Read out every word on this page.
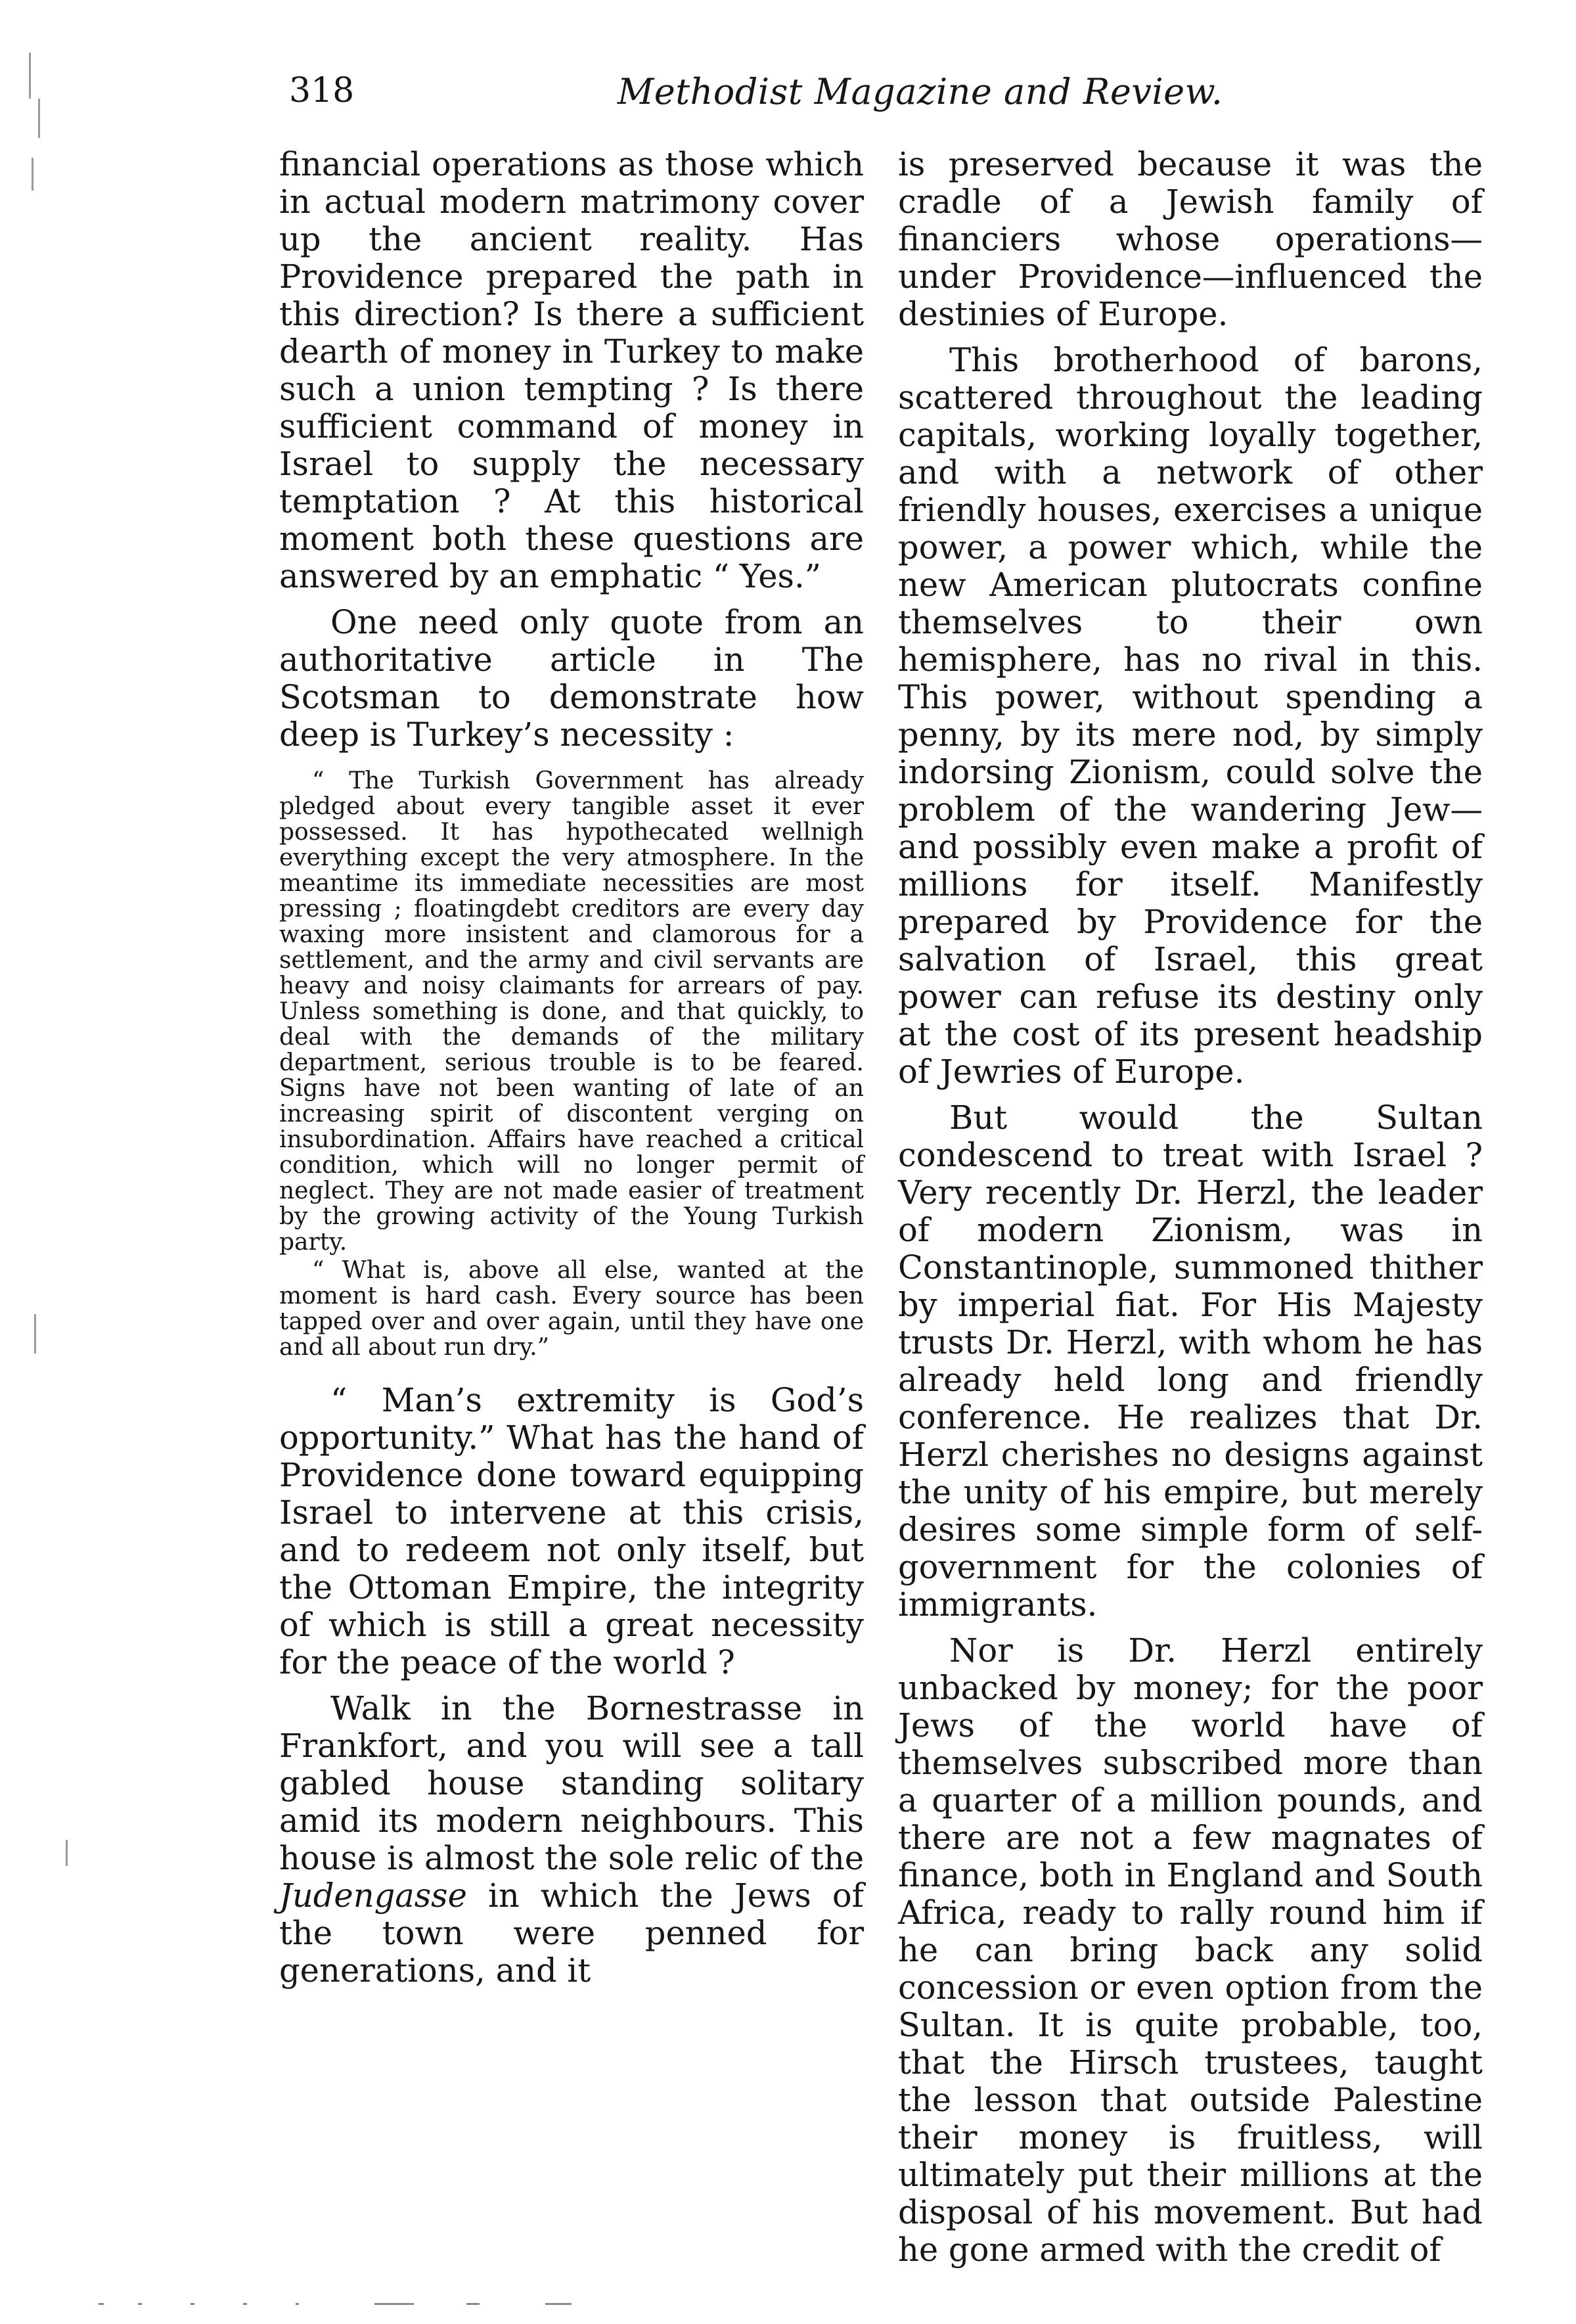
318	Methodist Magazine and Review.

financial operations as those which in actual modern matrimony cover up the ancient reality. Has Providence prepared the path in this direction? Is there a sufficient dearth of money in Turkey to make such a union tempting ? Is there sufficient command of money in Israel to supply the necessary temptation ? At this historical moment both these questions are answered by an emphatic “ Yes.”

One need only quote from an authoritative article in The Scotsman to demonstrate how deep is Turkey’s necessity :

“ The Turkish Government has already pledged about every tangible asset it ever possessed. It has hypothecated wellnigh everything except the very atmosphere. In the meantime its immediate necessities are most pressing ; floatingdebt creditors are every day waxing more insistent and clamorous for a settlement, and the army and civil servants are heavy and noisy claimants for arrears of pay. Unless something is done, and that quickly, to deal with the demands of the military department, serious trouble is to be feared. Signs have not been wanting of late of an increasing spirit of discontent verging on insubordination. Affairs have reached a critical condition, which will no longer permit of neglect. They are not made easier of treatment by the growing activity of the Young Turkish party.

“ What is, above all else, wanted at the moment is hard cash. Every source has been tapped over and over again, until they have one and all about run dry.”

“ Man’s extremity is God’s opportunity.” What has the hand of Providence done toward equipping Israel to intervene at this crisis, and to redeem not only itself, but the Ottoman Empire, the integrity of which is still a great necessity for the peace of the world ?

Walk in the Bornestrasse in Frankfort, and you will see a tall gabled house standing solitary amid its modern neighbours. This house is almost the sole relic of the Judengasse in which the Jews of the town were penned for generations, and it

is preserved because it was the cradle of a Jewish family of financiers whose operations—under Providence—influenced the destinies of Europe.

This brotherhood of barons, scattered throughout the leading capitals, working loyally together, and with a network of other friendly houses, exercises a unique power, a power which, while the new American plutocrats confine themselves to their own hemisphere, has no rival in this. This power, without spending a penny, by its mere nod, by simply indorsing Zionism, could solve the problem of the wandering Jew—and possibly even make a profit of millions for itself. Manifestly prepared by Providence for the salvation of Israel, this great power can refuse its destiny only at the cost of its present headship of Jewries of Europe.

But would the Sultan condescend to treat with Israel ? Very recently Dr. Herzl, the leader of modern Zionism, was in Constantinople, summoned thither by imperial fiat. For His Majesty trusts Dr. Herzl, with whom he has already held long and friendly conference. He realizes that Dr. Herzl cherishes no designs against the unity of his empire, but merely desires some simple form of self-government for the colonies of immigrants.

Nor is Dr. Herzl entirely unbacked by money; for the poor Jews of the world have of themselves subscribed more than a quarter of a million pounds, and there are not a few magnates of finance, both in England and South Africa, ready to rally round him if he can bring back any solid concession or even option from the Sultan. It is quite probable, too, that the Hirsch trustees, taught the lesson that outside Palestine their money is fruitless, will ultimately put their millions at the disposal of his movement. But had he gone armed with the credit of
